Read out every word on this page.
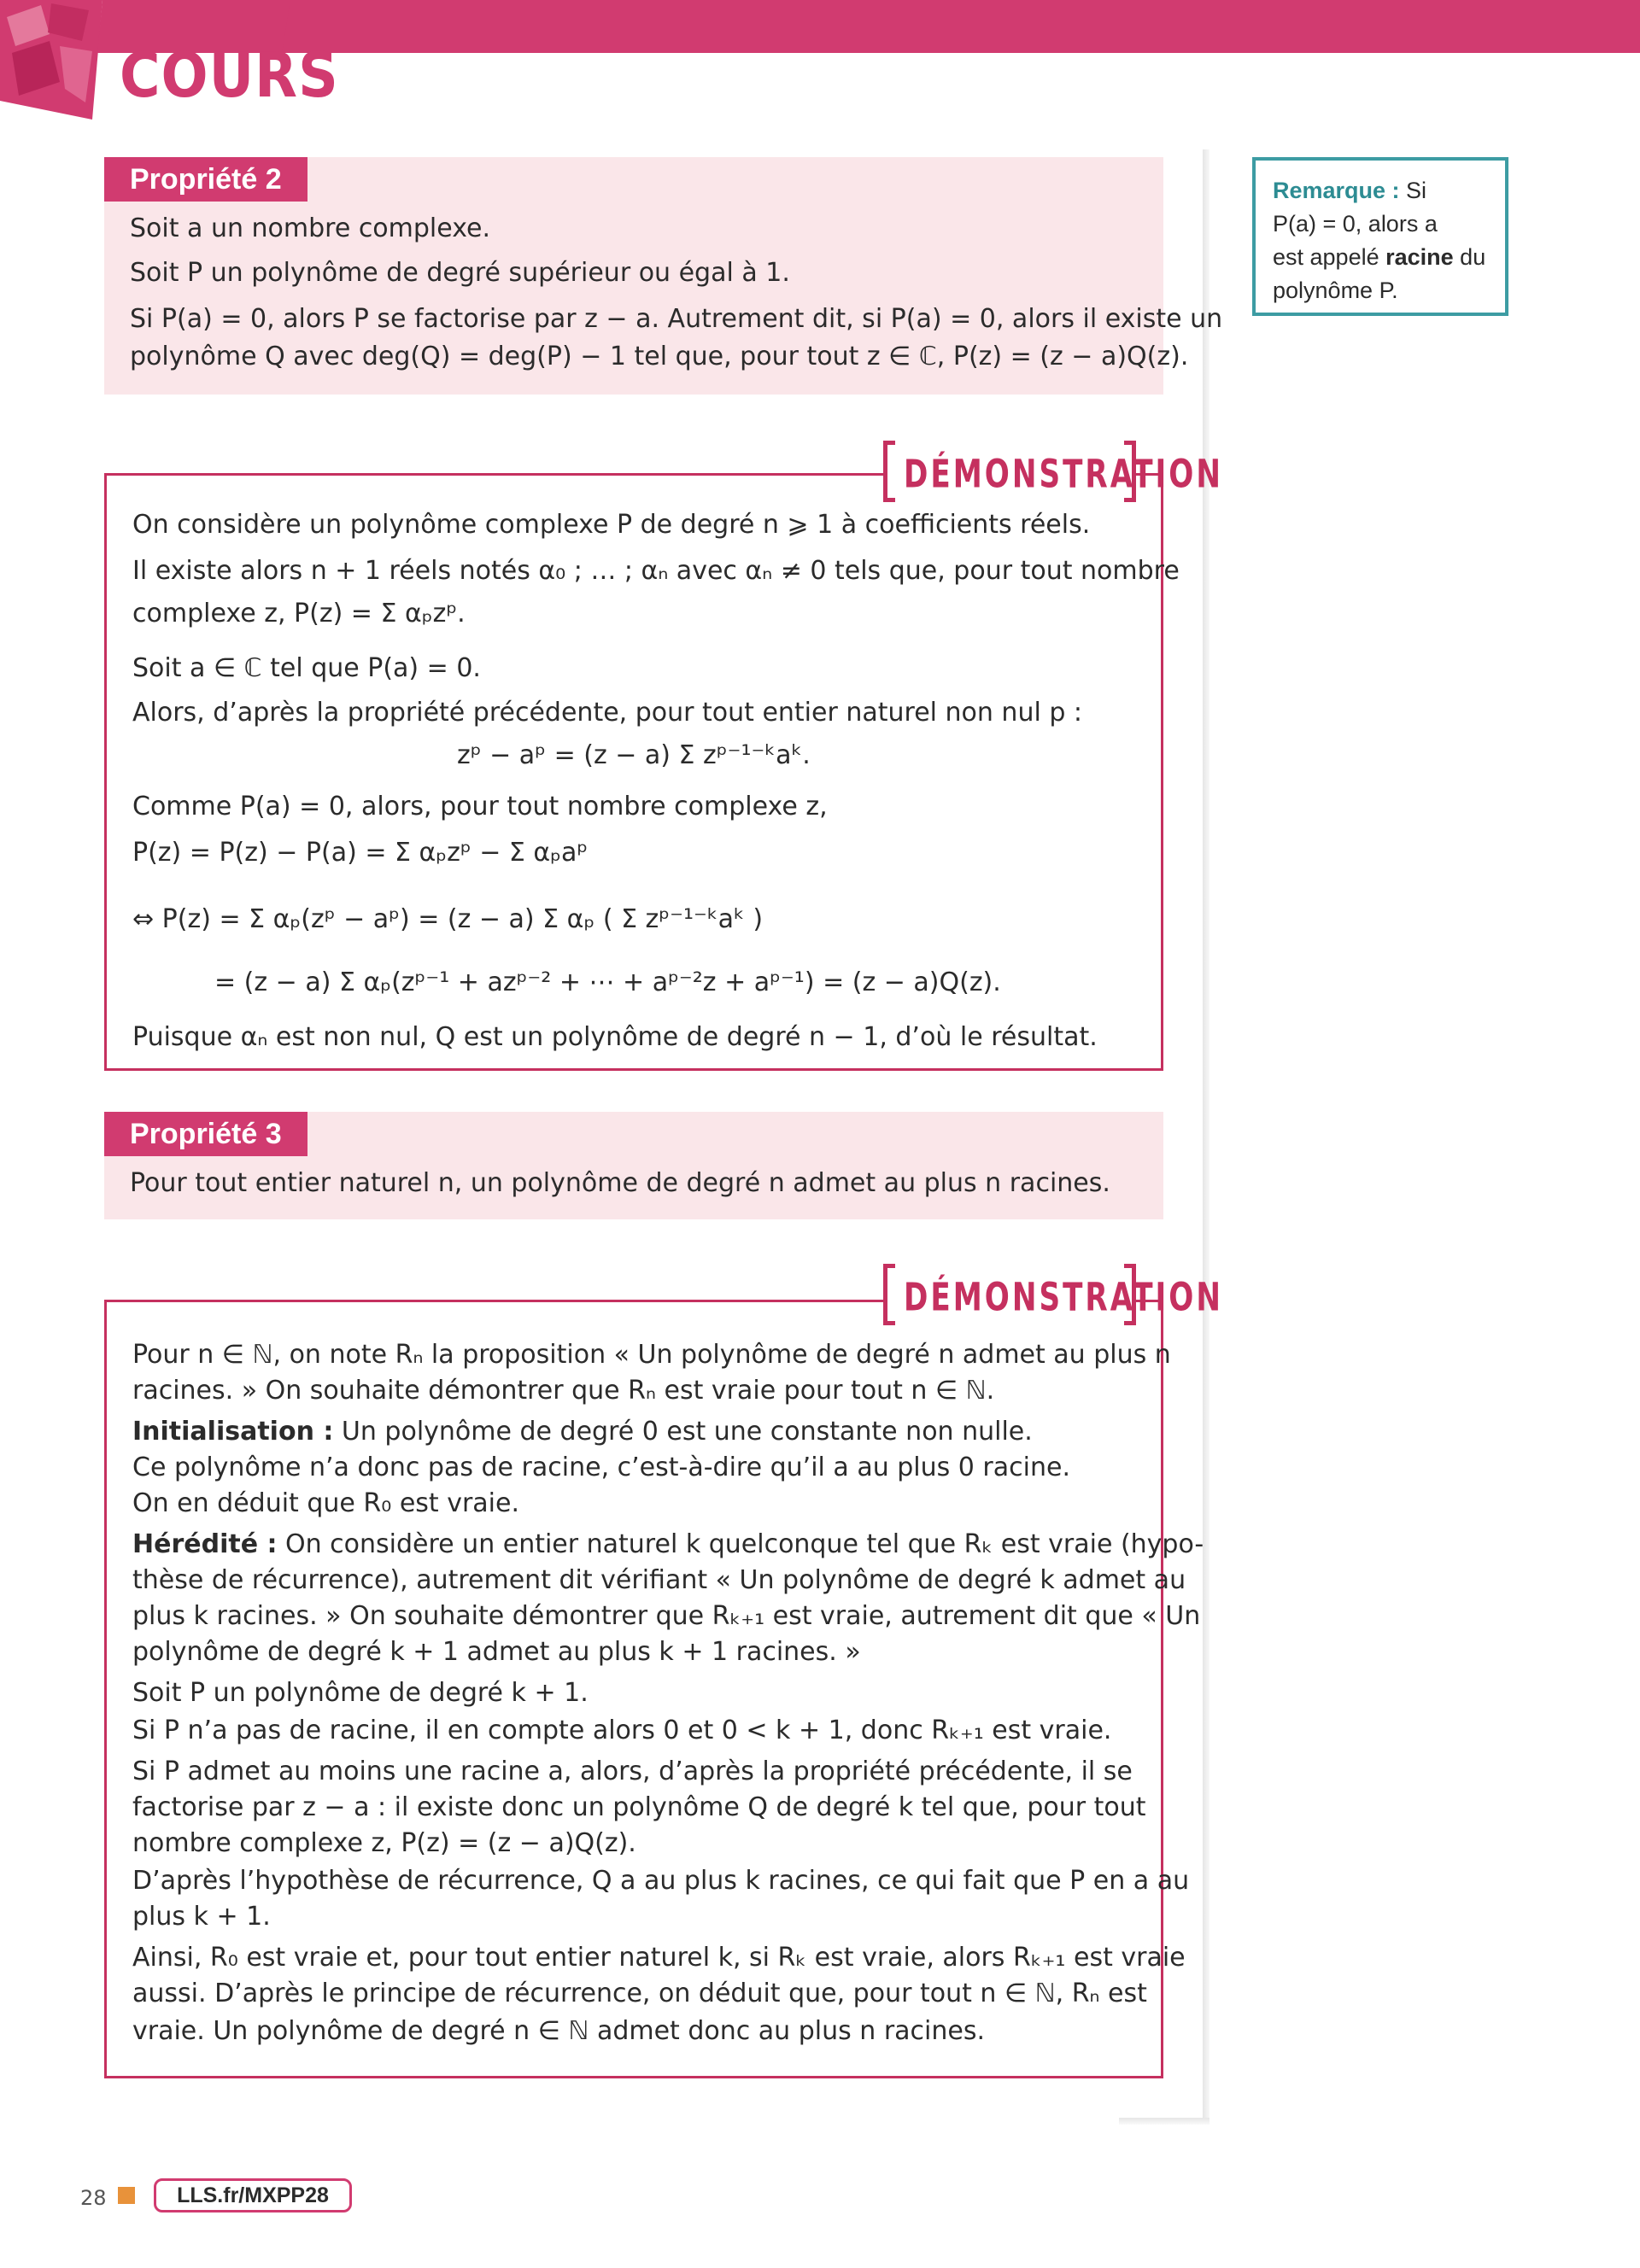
COURS
Propriété 2

Soit a un nombre complexe.

Soit P un polynôme de degré supérieur ou égal à 1.

Si P(a) = 0, alors P se factorise par z − a. Autrement dit, si P(a) = 0, alors il existe un

polynôme Q avec deg(Q) = deg(P) − 1 tel que, pour tout z ∈ ℂ, P(z) = (z − a)Q(z).

Remarque : Si
P(a) = 0, alors a
est appelé racine du
polynôme P.

On considère un polynôme complexe P de degré n ⩾ 1 à coefficients réels.

Il existe alors n + 1 réels notés α₀ ; … ; αₙ avec αₙ ≠ 0 tels que, pour tout nombre

complexe z, P(z) = Σ αₚzᵖ.

Soit a ∈ ℂ tel que P(a) = 0.

Alors, d’après la propriété précédente, pour tout entier naturel non nul p :

zᵖ − aᵖ = (z − a) Σ zᵖ⁻¹⁻ᵏaᵏ.

Comme P(a) = 0, alors, pour tout nombre complexe z,

P(z) = P(z) − P(a) = Σ αₚzᵖ − Σ αₚaᵖ

⇔ P(z) = Σ αₚ(zᵖ − aᵖ) = (z − a) Σ αₚ ( Σ zᵖ⁻¹⁻ᵏaᵏ )

= (z − a) Σ αₚ(zᵖ⁻¹ + azᵖ⁻² + ⋯ + aᵖ⁻²z + aᵖ⁻¹) = (z − a)Q(z).

Puisque αₙ est non nul, Q est un polynôme de degré n − 1, d’où le résultat.

DÉMONSTRATION
Propriété 3

Pour tout entier naturel n, un polynôme de degré n admet au plus n racines.

Pour n ∈ ℕ, on note Rₙ la proposition « Un polynôme de degré n admet au plus n

racines. » On souhaite démontrer que Rₙ est vraie pour tout n ∈ ℕ.

Initialisation : Un polynôme de degré 0 est une constante non nulle.

Ce polynôme n’a donc pas de racine, c’est-à-dire qu’il a au plus 0 racine.

On en déduit que R₀ est vraie.

Hérédité : On considère un entier naturel k quelconque tel que Rₖ est vraie (hypo-

thèse de récurrence), autrement dit vérifiant « Un polynôme de degré k admet au

plus k racines. » On souhaite démontrer que Rₖ₊₁ est vraie, autrement dit que « Un

polynôme de degré k + 1 admet au plus k + 1 racines. »

Soit P un polynôme de degré k + 1.

Si P n’a pas de racine, il en compte alors 0 et 0 < k + 1, donc Rₖ₊₁ est vraie.

Si P admet au moins une racine a, alors, d’après la propriété précédente, il se

factorise par z − a : il existe donc un polynôme Q de degré k tel que, pour tout

nombre complexe z, P(z) = (z − a)Q(z).

D’après l’hypothèse de récurrence, Q a au plus k racines, ce qui fait que P en a au

plus k + 1.

Ainsi, R₀ est vraie et, pour tout entier naturel k, si Rₖ est vraie, alors Rₖ₊₁ est vraie

aussi. D’après le principe de récurrence, on déduit que, pour tout n ∈ ℕ, Rₙ est

vraie. Un polynôme de degré n ∈ ℕ admet donc au plus n racines.

DÉMONSTRATION
28	LLS.fr/MXPP28
